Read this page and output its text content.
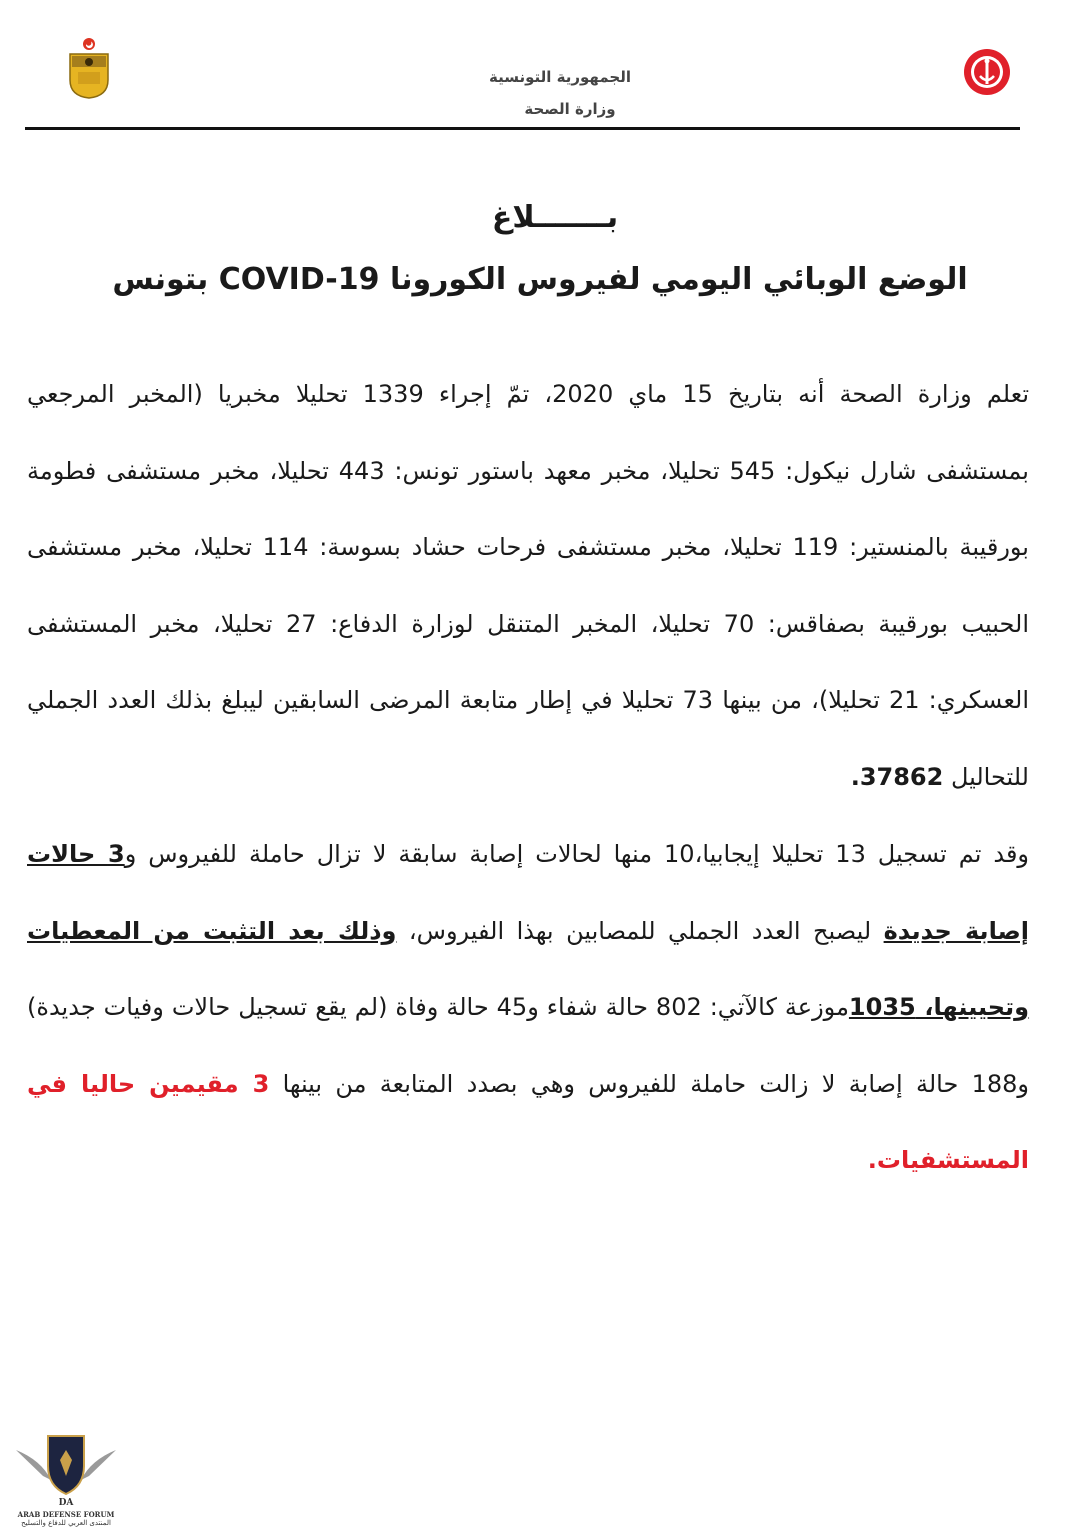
الجمهورية التونسية
وزارة الصحة
بـــــــلاغ
الوضع الوبائي اليومي لفيروس الكورونا COVID-19 بتونس
تعلم وزارة الصحة أنه بتاريخ 15 ماي 2020، تمّ إجراء 1339 تحليلا مخبريا (المخبر المرجعي بمستشفى شارل نيكول: 545 تحليلا، مخبر معهد باستور تونس: 443 تحليلا، مخبر مستشفى فطومة بورقيبة بالمنستير: 119 تحليلا، مخبر مستشفى فرحات حشاد بسوسة: 114 تحليلا، مخبر مستشفى الحبيب بورقيبة بصفاقس: 70 تحليلا، المخبر المتنقل لوزارة الدفاع: 27 تحليلا، مخبر المستشفى العسكري: 21 تحليلا)، من بينها 73 تحليلا في إطار متابعة المرضى السابقين ليبلغ بذلك العدد الجملي للتحاليل 37862.
وقد تم تسجيل 13 تحليلا إيجابيا،10 منها لحالات إصابة سابقة لا تزال حاملة للفيروس و3 حالات إصابة جديدة ليصبح العدد الجملي للمصابين بهذا الفيروس، وذلك بعد التثبت من المعطيات وتحيينها، 1035موزعة كالآتي: 802 حالة شفاء و45 حالة وفاة (لم يقع تسجيل حالات وفيات جديدة) و188 حالة إصابة لا زالت حاملة للفيروس وهي بصدد المتابعة من بينها 3 مقيمين حاليا في المستشفيات.
DA
ARAB DEFENSE FORUM
المنتدى العربي للدفاع والتسليح
